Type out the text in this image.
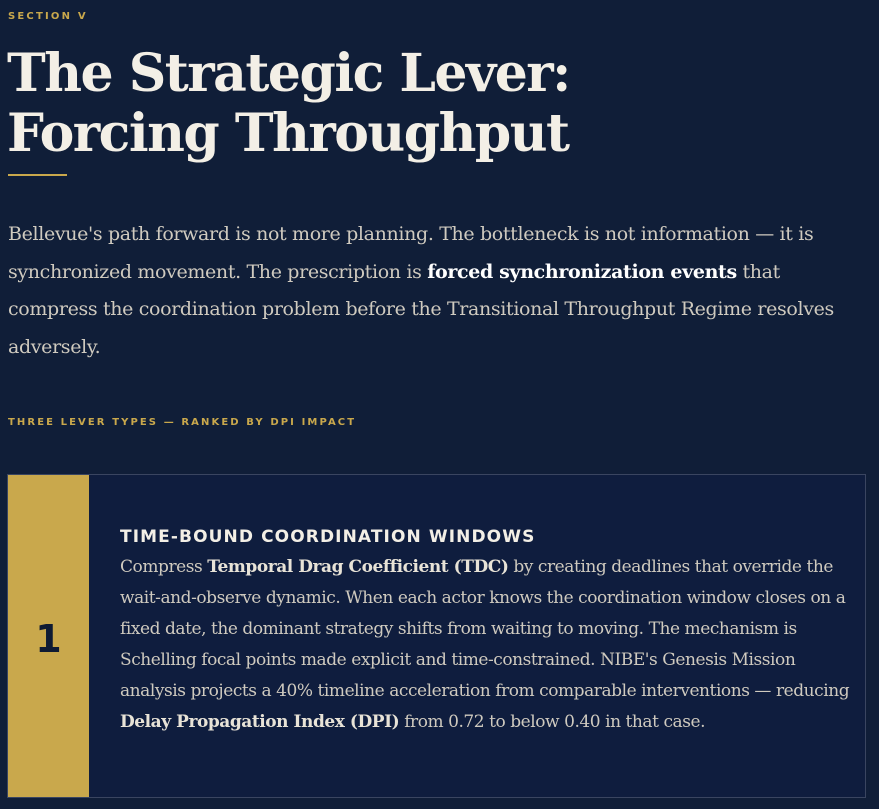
SECTION V
The Strategic Lever:
Forcing Throughput

Bellevue's path forward is not more planning. The bottleneck is not information — it is synchronized movement. The prescription is forced synchronization events that compress the coordination problem before the Transitional Throughput Regime resolves adversely.

THREE LEVER TYPES — RANKED BY DPI IMPACT
1
TIME-BOUND COORDINATION WINDOWS

Compress Temporal Drag Coefficient (TDC) by creating deadlines that override the wait-and-observe dynamic. When each actor knows the coordination window closes on a fixed date, the dominant strategy shifts from waiting to moving. The mechanism is Schelling focal points made explicit and time-constrained. NIBE's Genesis Mission analysis projects a 40% timeline acceleration from comparable interventions — reducing Delay Propagation Index (DPI) from 0.72 to below 0.40 in that case.
